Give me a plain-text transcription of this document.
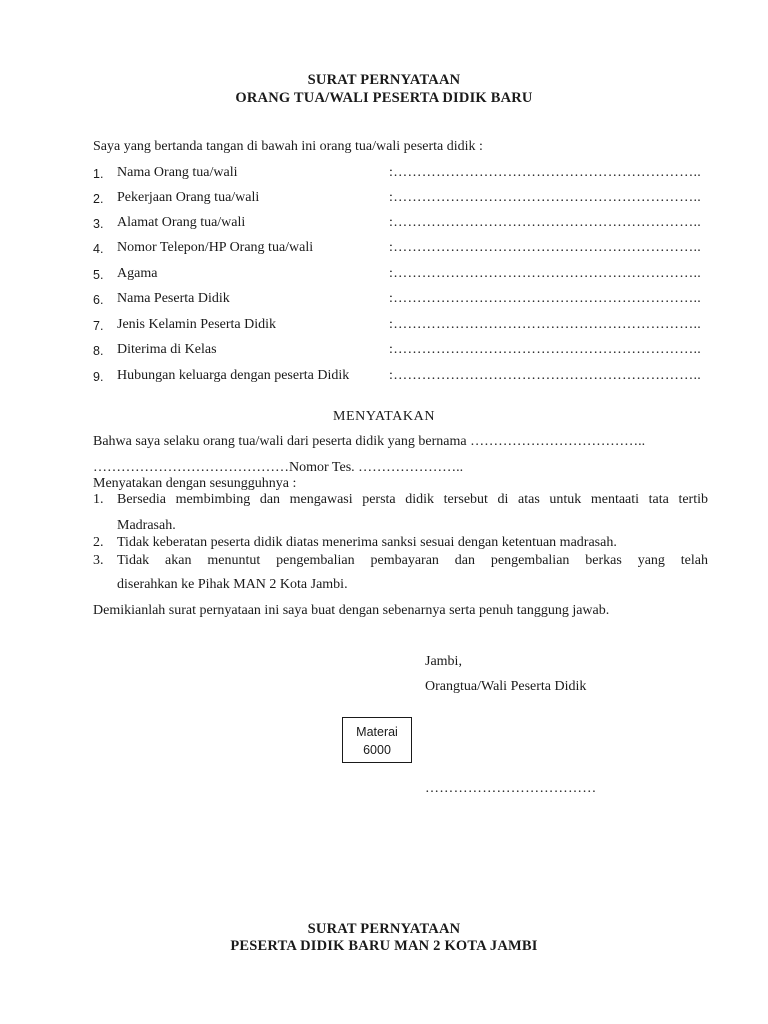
SURAT PERNYATAAN
ORANG TUA/WALI PESERTA DIDIK BARU
Saya yang bertanda tangan di bawah ini orang tua/wali peserta didik :
1. Nama Orang tua/wali	:………………………………………………………..
2. Pekerjaan Orang tua/wali	:………………………………………………………..
3. Alamat Orang tua/wali	:………………………………………………………..
4. Nomor Telepon/HP Orang tua/wali	:………………………………………………………..
5. Agama	:………………………………………………………..
6. Nama Peserta Didik	:………………………………………………………..
7. Jenis Kelamin Peserta Didik	:………………………………………………………..
8. Diterima di Kelas	:………………………………………………………..
9. Hubungan keluarga dengan peserta Didik	:………………………………………………………..
MENYATAKAN
Bahwa saya selaku orang tua/wali dari peserta didik yang bernama ………………………………..
……………………………………Nomor Tes. …………………..
Menyatakan dengan sesungguhnya :
1. Bersedia membimbing dan mengawasi persta didik tersebut di atas untuk mentaati tata tertib
Madrasah.
2. Tidak keberatan peserta didik diatas menerima sanksi sesuai dengan ketentuan madrasah.
3. Tidak akan menuntut pengembalian pembayaran dan pengembalian berkas yang telah
diserahkan ke Pihak MAN 2 Kota Jambi.
Demikianlah surat pernyataan ini saya buat dengan sebenarnya serta penuh tanggung jawab.
Jambi,
Orangtua/Wali Peserta Didik
Materai
6000
………………………………
SURAT PERNYATAAN
PESERTA DIDIK BARU MAN 2 KOTA JAMBI
